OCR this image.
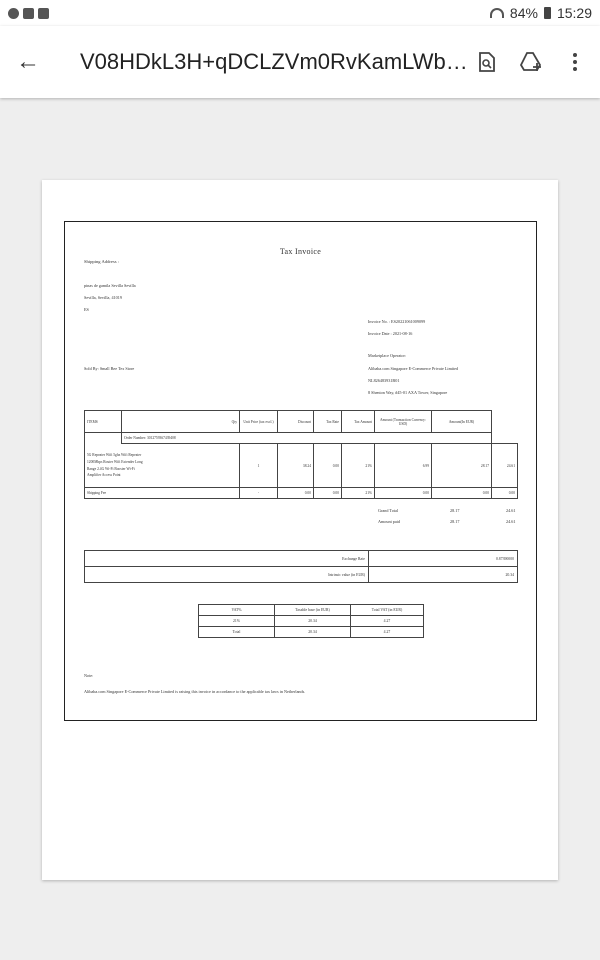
84% 15:29
←	V08HDkL3H+qDCLZVm0RvKamLWbo...
Tax Invoice
Shipping Address :
pinas de gamila Sevilla Sevilla
Sevilla, Sevilla, 41019
ES
Invoice No. : ES20221061009099
Invoice Date : 2021-08-16
Marketplace Operator:
Alibaba.com Singapore E-Commerce Private Limited
NL826483931B01
8 Shenton Way, #45-01 AXA Tower, Singapore
Sold By: Small Bee Tex Store
ITEMS	Qty	Unit Price (tax excl.)	Discount	Tax Rate	Tax Amount	Amount (Transaction Currency: USD)	Amount(In EUR)	
	Order Number: 3012759367439408							

5G Repeater Wifi 5ghz Wifi Repeater
1200Mbps Router Wifi Extender Long
Range 2.4G Wi-Fi Booster Wi-Fi
Amplifier Access Point		1	38.24	0.00	21%	6.99	28.17	24.61
Shipping Fee		-	0.00	0.00	21%	0.00	0.00	0.00
Grand Total	28.17	24.61
Amount paid	28.17	24.61
Exchange Rate	0.87390000
Intrinsic value (in EUR)	20.34
VAT%	Taxable base (in EUR)	Total VAT (in EUR)
21%	20.34	4.27
Total	20.34	4.27
Note:
Alibaba.com Singapore E-Commerce Private Limited is raising this invoice in accordance to the applicable tax laws in Netherlands.
